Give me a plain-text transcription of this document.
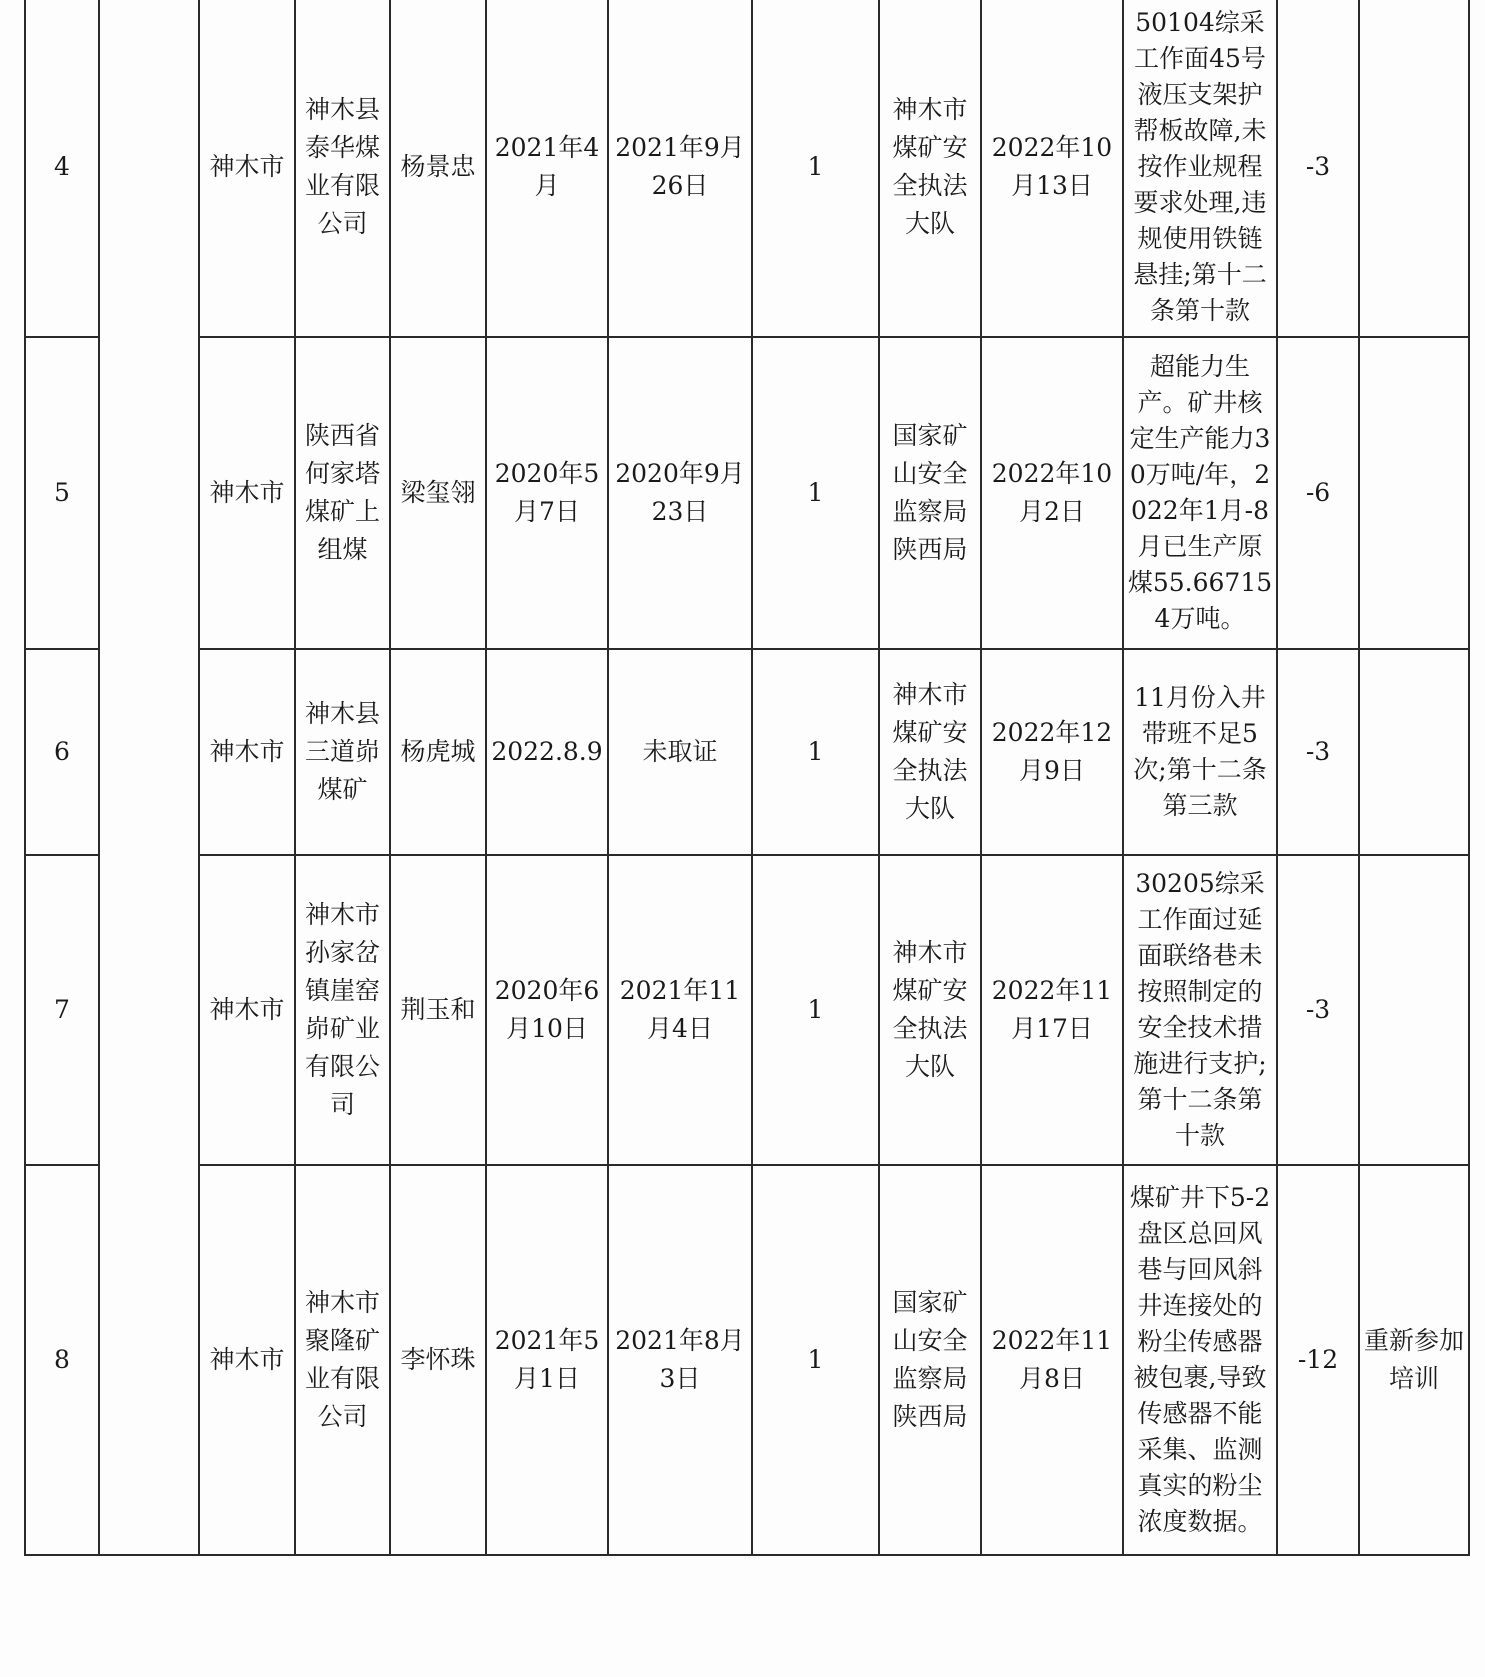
4		神木市	神木县泰华煤业有限公司	杨景忠	2021年4月	2021年9月26日	1	神木市煤矿安全执法大队	2022年10月13日	50104综采工作面45号液压支架护帮板故障,未按作业规程要求处理,违规使用铁链悬挂;第十二条第十款	-3	
5		神木市	陕西省何家塔煤矿上组煤	梁玺翎	2020年5月7日	2020年9月23日	1	国家矿山安全监察局陕西局	2022年10月2日	超能力生产。矿井核定生产能力30万吨/年，2022年1月-8月已生产原煤55.667154万吨。	-6	
6		神木市	神木县三道峁煤矿	杨虎城	2022.8.9	未取证	1	神木市煤矿安全执法大队	2022年12月9日	11月份入井带班不足5次;第十二条第三款	-3	
7		神木市	神木市孙家岔镇崖窑峁矿业有限公司	荆玉和	2020年6月10日	2021年11月4日	1	神木市煤矿安全执法大队	2022年11月17日	30205综采工作面过延面联络巷未按照制定的安全技术措施进行支护;第十二条第十款	-3	
8		神木市	神木市聚隆矿业有限公司	李怀珠	2021年5月1日	2021年8月3日	1	国家矿山安全监察局陕西局	2022年11月8日	煤矿井下5-2盘区总回风巷与回风斜井连接处的粉尘传感器被包裹,导致传感器不能采集、监测真实的粉尘浓度数据。	-12	重新参加培训
